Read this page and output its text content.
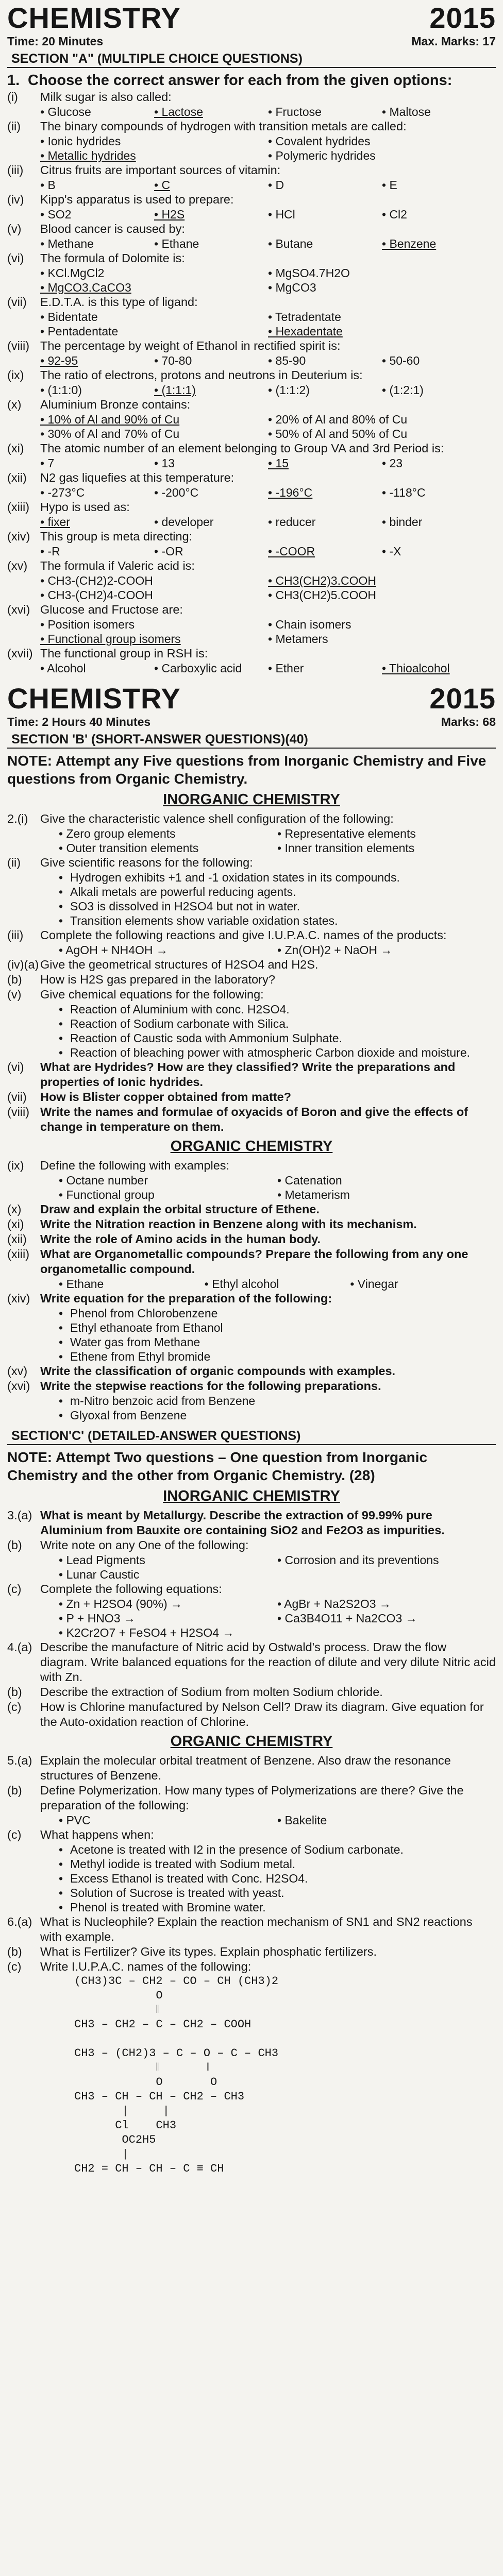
CHEMISTRY	2015
Time: 20 Minutes	Max. Marks: 17
SECTION "A" (MULTIPLE CHOICE QUESTIONS)
1. Choose the correct answer for each from the given options:
(i)	Milk sugar is also called:
• Glucose	• Lactose	• Fructose	• Maltose
(ii)	The binary compounds of hydrogen with transition metals are called:
• Ionic hydrides	• Covalent hydrides
• Metallic hydrides	• Polymeric hydrides
(iii)	Citrus fruits are important sources of vitamin:
• B	• C	• D	• E
(iv)	Kipp's apparatus is used to prepare:
• SO2	• H2S	• HCl	• Cl2
(v)	Blood cancer is caused by:
• Methane	• Ethane	• Butane	• Benzene
(vi)	The formula of Dolomite is:
• KCl.MgCl2	• MgSO4.7H2O
• MgCO3.CaCO3	• MgCO3
(vii)	E.D.T.A. is this type of ligand:
• Bidentate	• Tetradentate
• Pentadentate	• Hexadentate
(viii) The percentage by weight of Ethanol in rectified spirit is:
• 92-95	• 70-80	• 85-90	• 50-60
(ix)	The ratio of electrons, protons and neutrons in Deuterium is:
• (1:1:0)	• (1:1:1)	• (1:1:2)	• (1:2:1)
(x)	Aluminium Bronze contains:
• 10% of Al and 90% of Cu	• 20% of Al and 80% of Cu
• 30% of Al and 70% of Cu	• 50% of Al and 50% of Cu
(xi)	The atomic number of an element belonging to Group VA and 3rd Period is:
• 7	• 13	• 15	• 23
(xii)	N2 gas liquefies at this temperature:
• -273°C	• -200°C	• -196°C	• -118°C
(xiii) Hypo is used as:
• fixer	• developer	• reducer	• binder
(xiv) This group is meta directing:
• -R	• -OR	• -COOR	• -X
(xv)	The formula if Valeric acid is:
• CH3-(CH2)2-COOH	• CH3(CH2)3.COOH
• CH3-(CH2)4-COOH	• CH3(CH2)5.COOH
(xvi) Glucose and Fructose are:
• Position isomers	• Chain isomers
• Functional group isomers	• Metamers
(xvii) The functional group in RSH is:
• Alcohol	• Carboxylic acid	• Ether	• Thioalcohol
CHEMISTRY	2015
Time: 2 Hours 40 Minutes	Marks: 68
SECTION 'B' (SHORT-ANSWER QUESTIONS)(40)
NOTE: Attempt any Five questions from Inorganic Chemistry and Five questions from Organic Chemistry.
INORGANIC CHEMISTRY
2.(i)	Give the characteristic valence shell configuration of the following:
• Zero group elements	• Representative elements
• Outer transition elements	• Inner transition elements
(ii)	Give scientific reasons for the following:
• Hydrogen exhibits +1 and -1 oxidation states in its compounds.
• Alkali metals are powerful reducing agents.
• SO3 is dissolved in H2SO4 but not in water.
• Transition elements show variable oxidation states.
(iii)	Complete the following reactions and give I.U.P.A.C. names of the products:
• AgOH + NH4OH →	• Zn(OH)2 + NaOH →
(iv)(a) Give the geometrical structures of H2SO4 and H2S.
(b)	How is H2S gas prepared in the laboratory?
(v)	Give chemical equations for the following:
• Reaction of Aluminium with conc. H2SO4.
• Reaction of Sodium carbonate with Silica.
• Reaction of Caustic soda with Ammonium Sulphate.
• Reaction of bleaching power with atmospheric Carbon dioxide and moisture.
(vi)	What are Hydrides? How are they classified? Write the preparations and properties of Ionic hydrides.
(vii)	How is Blister copper obtained from matte?
(viii) Write the names and formulae of oxyacids of Boron and give the effects of change in temperature on them.
ORGANIC CHEMISTRY
(ix)	Define the following with examples:
• Octane number	• Catenation
• Functional group	• Metamerism
(x)	Draw and explain the orbital structure of Ethene.
(xi)	Write the Nitration reaction in Benzene along with its mechanism.
(xii)	Write the role of Amino acids in the human body.
(xiii) What are Organometallic compounds? Prepare the following from any one organometallic compound.
• Ethane	• Ethyl alcohol	• Vinegar
(xiv) Write equation for the preparation of the following:
• Phenol from Chlorobenzene
• Ethyl ethanoate from Ethanol
• Water gas from Methane
• Ethene from Ethyl bromide
(xv)	Write the classification of organic compounds with examples.
(xvi) Write the stepwise reactions for the following preparations.
• m-Nitro benzoic acid from Benzene
• Glyoxal from Benzene
SECTION'C' (DETAILED-ANSWER QUESTIONS)
NOTE: Attempt Two questions – One question from Inorganic Chemistry and the other from Organic Chemistry. (28)
INORGANIC CHEMISTRY
3.(a) What is meant by Metallurgy. Describe the extraction of 99.99% pure Aluminium from Bauxite ore containing SiO2 and Fe2O3 as impurities.
(b)	Write note on any One of the following:
• Lead Pigments	• Corrosion and its preventions
• Lunar Caustic
(c)	Complete the following equations:
• Zn + H2SO4 (90%) →	• AgBr + Na2S2O3 →
• P + HNO3 →	• Ca3B4O11 + Na2CO3 →
• K2Cr2O7 + FeSO4 + H2SO4 →
4.(a) Describe the manufacture of Nitric acid by Ostwald's process. Draw the flow diagram. Write balanced equations for the reaction of dilute and very dilute Nitric acid with Zn.
(b)	Describe the extraction of Sodium from molten Sodium chloride.
(c)	How is Chlorine manufactured by Nelson Cell? Draw its diagram. Give equation for the Auto-oxidation reaction of Chlorine.
ORGANIC CHEMISTRY
5.(a) Explain the molecular orbital treatment of Benzene. Also draw the resonance structures of Benzene.
(b)	Define Polymerization. How many types of Polymerizations are there? Give the preparation of the following:
• PVC	• Bakelite
(c)	What happens when:
• Acetone is treated with I2 in the presence of Sodium carbonate.
• Methyl iodide is treated with Sodium metal.
• Excess Ethanol is treated with Conc. H2SO4.
• Solution of Sucrose is treated with yeast.
• Phenol is treated with Bromine water.
6.(a) What is Nucleophile? Explain the reaction mechanism of SN1 and SN2 reactions with example.
(b)	What is Fertilizer? Give its types. Explain phosphatic fertilizers.
(c)	Write I.U.P.A.C. names of the following:
(CH3)3C – CH2 – CO – CH (CH3)2
O
‖
CH3 – CH2 – C – CH2 – COOH

CH3 – (CH2)3 – C – O – C – CH3
‖       ‖
O       O
CH3 – CH – CH – CH2 – CH3
|     |
Cl    CH3
OC2H5
|
CH2 = CH – CH – C ≡ CH
